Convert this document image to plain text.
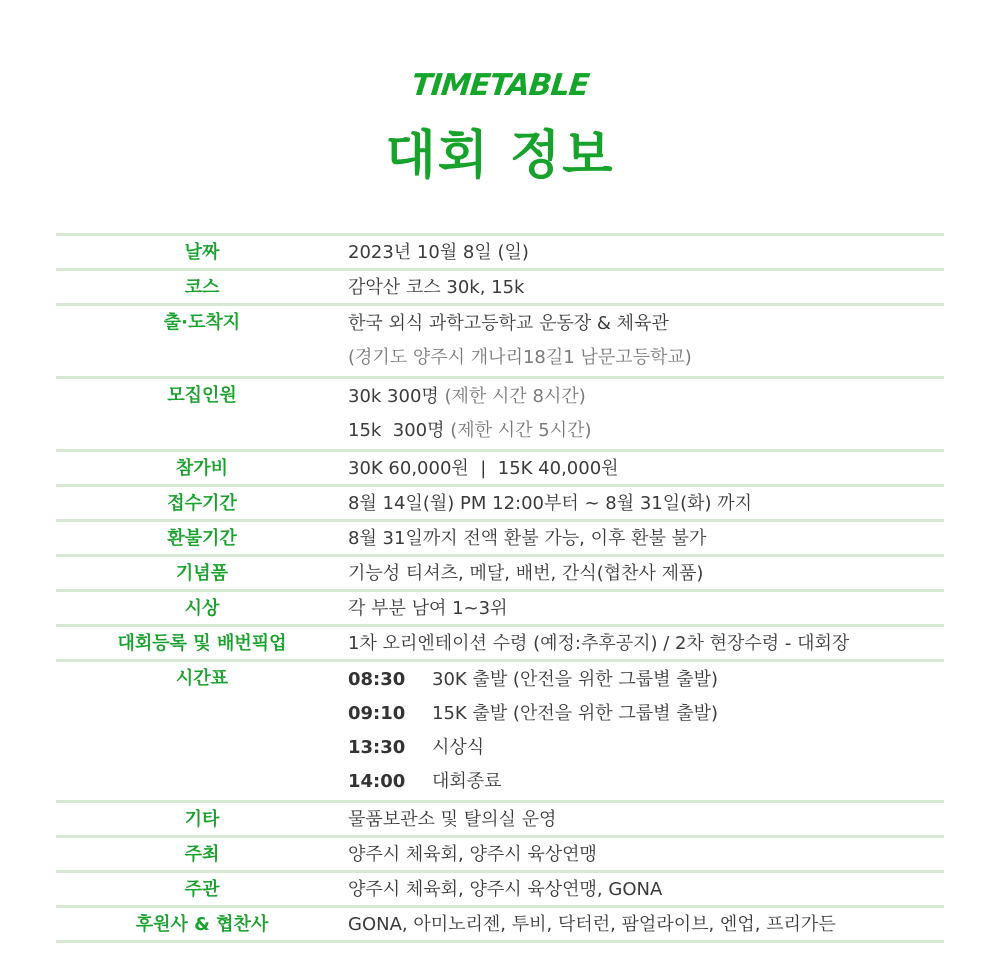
TIMETABLE
대회 정보
날짜	2023년 10월 8일 (일)
코스	감악산 코스 30k, 15k
출·도착지	한국 외식 과학고등학교 운동장 & 체육관
(경기도 양주시 개나리18길1 남문고등학교)
모집인원	30k 300명 (제한 시간 8시간)
15k  300명 (제한 시간 5시간)
참가비	30K 60,000원  |  15K 40,000원
접수기간	8월 14일(월) PM 12:00부터 ~ 8월 31일(화) 까지
환불기간	8월 31일까지 전액 환불 가능, 이후 환불 불가
기념품	기능성 티셔츠, 메달, 배번, 간식(협찬사 제품)
시상	각 부분 남여 1~3위
대회등록 및 배번픽업	1차 오리엔테이션 수령 (예정:추후공지) / 2차 현장수령 - 대회장
시간표	08:30 30K 출발 (안전을 위한 그룹별 출발)
09:10 15K 출발 (안전을 위한 그룹별 출발)
13:30 시상식
14:00 대회종료
기타	물품보관소 및 탈의실 운영
주최	양주시 체육회, 양주시 육상연맹
주관	양주시 체육회, 양주시 육상연맹, GONA
후원사 & 협찬사	GONA, 아미노리젠, 투비, 닥터런, 팜얼라이브, 엔업, 프리가든
